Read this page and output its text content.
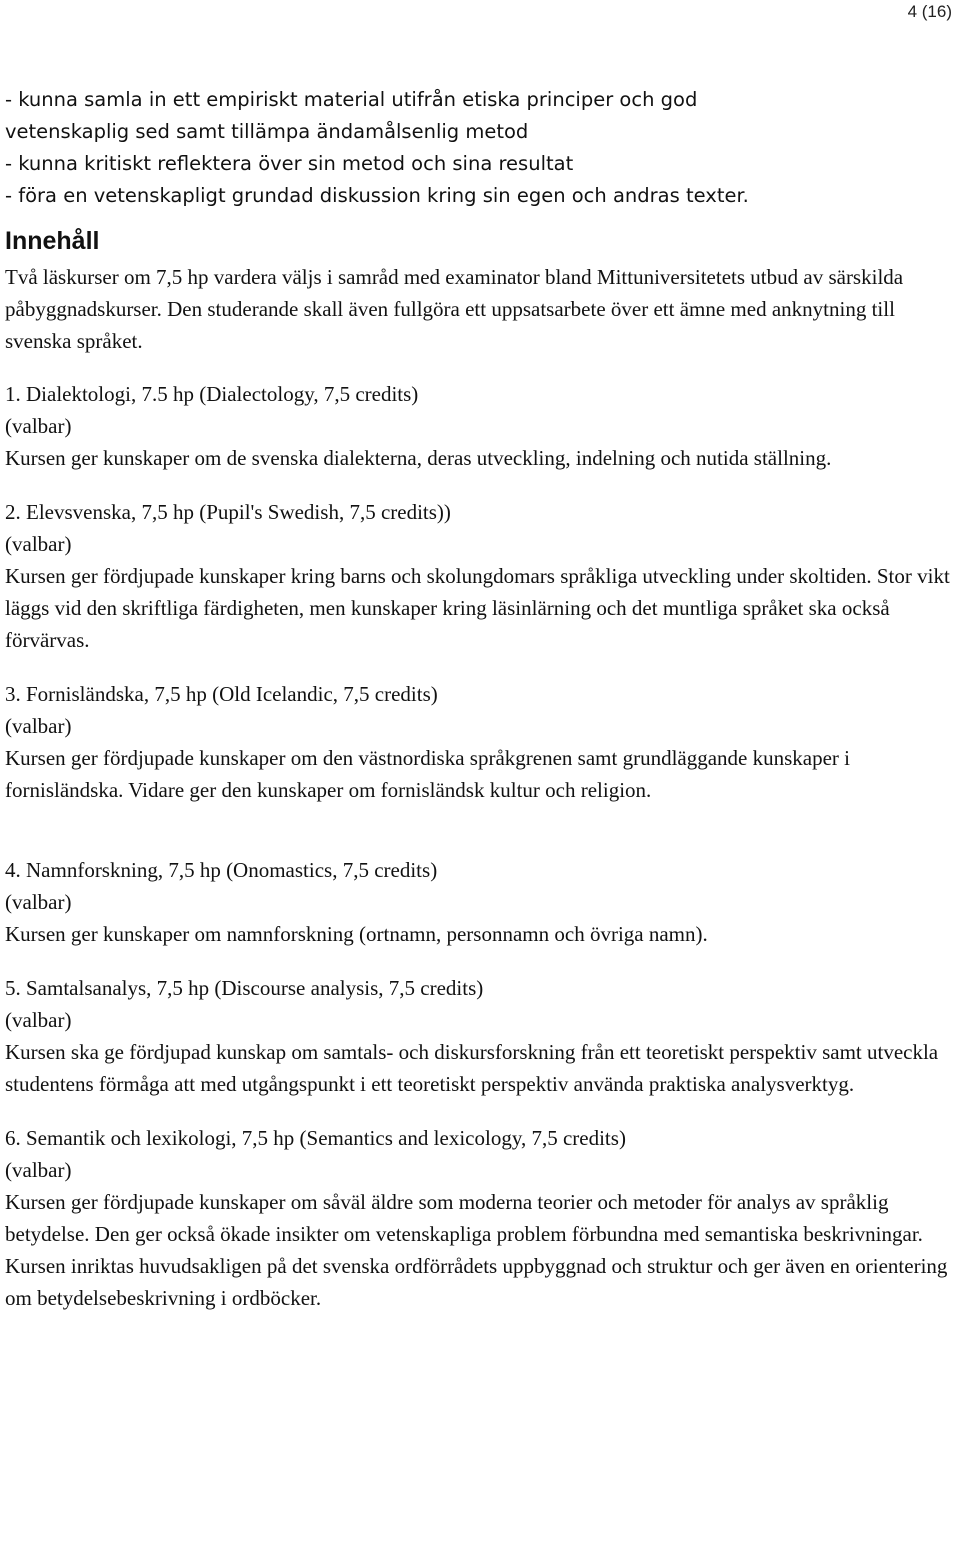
4 (16)

- kunna samla in ett empiriskt material utifrån etiska principer och god

vetenskaplig sed samt tillämpa ändamålsenlig metod

- kunna kritiskt reflektera över sin metod och sina resultat

- föra en vetenskapligt grundad diskussion kring sin egen och andras texter.

Innehåll

Två läskurser om 7,5 hp vardera väljs i samråd med examinator bland Mittuniversitetets utbud av särskilda påbyggnadskurser. Den studerande skall även fullgöra ett uppsatsarbete över ett ämne med anknytning till svenska språket.

1. Dialektologi, 7.5 hp (Dialectology, 7,5 credits)

(valbar)

Kursen ger kunskaper om de svenska dialekterna, deras utveckling, indelning och nutida ställning.

2. Elevsvenska, 7,5 hp (Pupil's Swedish, 7,5 credits))

(valbar)

Kursen ger fördjupade kunskaper kring barns och skolungdomars språkliga utveckling under skoltiden. Stor vikt läggs vid den skriftliga färdigheten, men kunskaper kring läsinlärning och det muntliga språket ska också förvärvas.

3. Fornisländska, 7,5 hp (Old Icelandic, 7,5 credits)

(valbar)

Kursen ger fördjupade kunskaper om den västnordiska språkgrenen samt grundläggande kunskaper i fornisländska. Vidare ger den kunskaper om fornisländsk kultur och religion.

4. Namnforskning, 7,5 hp (Onomastics, 7,5 credits)

(valbar)

Kursen ger kunskaper om namnforskning (ortnamn, personnamn och övriga namn).

5. Samtalsanalys, 7,5 hp (Discourse analysis, 7,5 credits)

(valbar)

Kursen ska ge fördjupad kunskap om samtals- och diskursforskning från ett teoretiskt perspektiv samt utveckla studentens förmåga att med utgångspunkt i ett teoretiskt perspektiv använda praktiska analysverktyg.

6. Semantik och lexikologi, 7,5 hp (Semantics and lexicology, 7,5 credits)

(valbar)

Kursen ger fördjupade kunskaper om såväl äldre som moderna teorier och metoder för analys av språklig betydelse. Den ger också ökade insikter om vetenskapliga problem förbundna med semantiska beskrivningar. Kursen inriktas huvudsakligen på det svenska ordförrådets uppbyggnad och struktur och ger även en orientering om betydelsebeskrivning i ordböcker.
